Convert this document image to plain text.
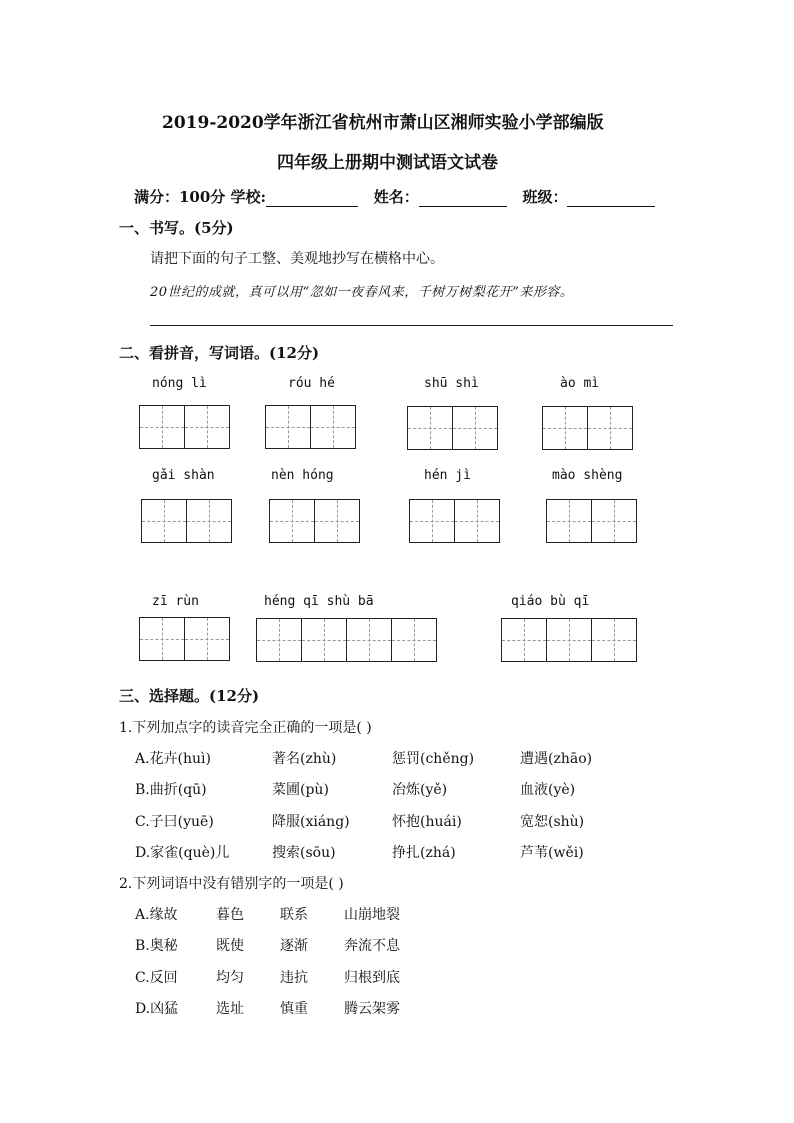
2019-2020学年浙江省杭州市萧山区湘师实验小学部编版
四年级上册期中测试语文试卷
满分：100分 学校:	姓名：	班级：
一、书写。(5分)
请把下面的句子工整、美观地抄写在横格中心。
20世纪的成就，真可以用“忽如一夜春风来，千树万树梨花开”来形容。
二、看拼音，写词语。(12分)
nóng lì	róu hé	shū shì	ào mì
gǎi shàn	nèn hóng	hén jì	mào shèng
zī rùn	héng qī shù bā	qiáo bù qī
三、选择题。(12分)
1.下列加点字的读音完全正确的一项是( )
A.花卉(huì)	著名(zhù)	惩罚(chěng)	遭遇(zhāo)
B.曲折(qū)	菜圃(pù)	冶炼(yě)	血液(yè)
C.子曰(yuē)	降服(xiáng)	怀抱(huái)	宽恕(shù)
D.家雀(què)儿	搜索(sōu)	挣扎(zhá)	芦苇(wěi)
2.下列词语中没有错别字的一项是( )
A.缘故	暮色	联系	山崩地裂
B.奥秘	既使	逐渐	奔流不息
C.反回	均匀	违抗	归根到底
D.凶猛	选址	慎重	腾云架雾
